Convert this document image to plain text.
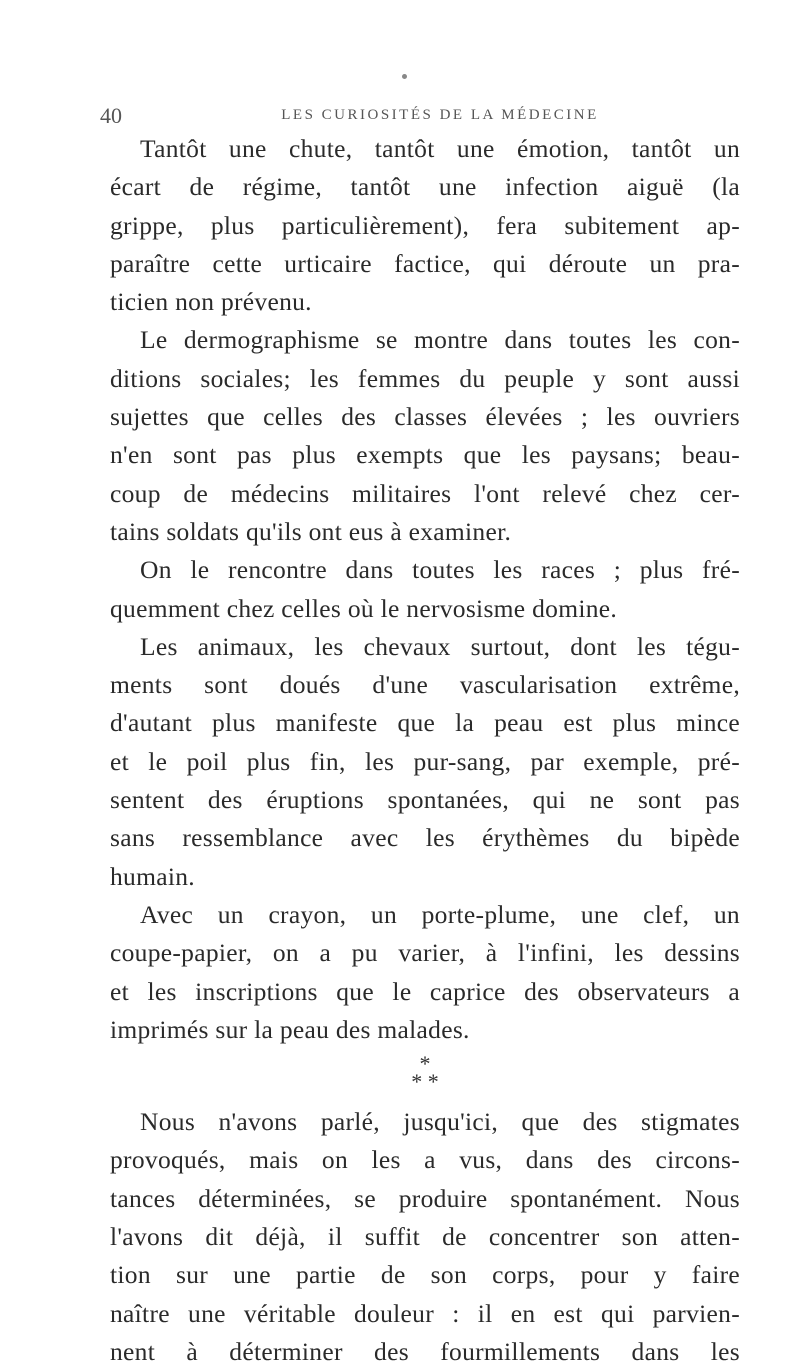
40	LES CURIOSITÉS DE LA MÉDECINE
Tantôt une chute, tantôt une émotion, tantôt un
écart de régime, tantôt une infection aiguë (la
grippe, plus particulièrement), fera subitement ap-
paraître cette urticaire factice, qui déroute un pra-
ticien non prévenu.
Le dermographisme se montre dans toutes les con-
ditions sociales; les femmes du peuple y sont aussi
sujettes que celles des classes élevées ; les ouvriers
n'en sont pas plus exempts que les paysans; beau-
coup de médecins militaires l'ont relevé chez cer-
tains soldats qu'ils ont eus à examiner.
On le rencontre dans toutes les races ; plus fré-
quemment chez celles où le nervosisme domine.
Les animaux, les chevaux surtout, dont les tégu-
ments sont doués d'une vascularisation extrême,
d'autant plus manifeste que la peau est plus mince
et le poil plus fin, les pur-sang, par exemple, pré-
sentent des éruptions spontanées, qui ne sont pas
sans ressemblance avec les érythèmes du bipède
humain.
Avec un crayon, un porte-plume, une clef, un
coupe-papier, on a pu varier, à l'infini, les dessins
et les inscriptions que le caprice des observateurs a
imprimés sur la peau des malades.
*
* *
Nous n'avons parlé, jusqu'ici, que des stigmates
provoqués, mais on les a vus, dans des circons-
tances déterminées, se produire spontanément. Nous
l'avons dit déjà, il suffit de concentrer son atten-
tion sur une partie de son corps, pour y faire
naître une véritable douleur : il en est qui parvien-
nent à déterminer des fourmillements dans les
